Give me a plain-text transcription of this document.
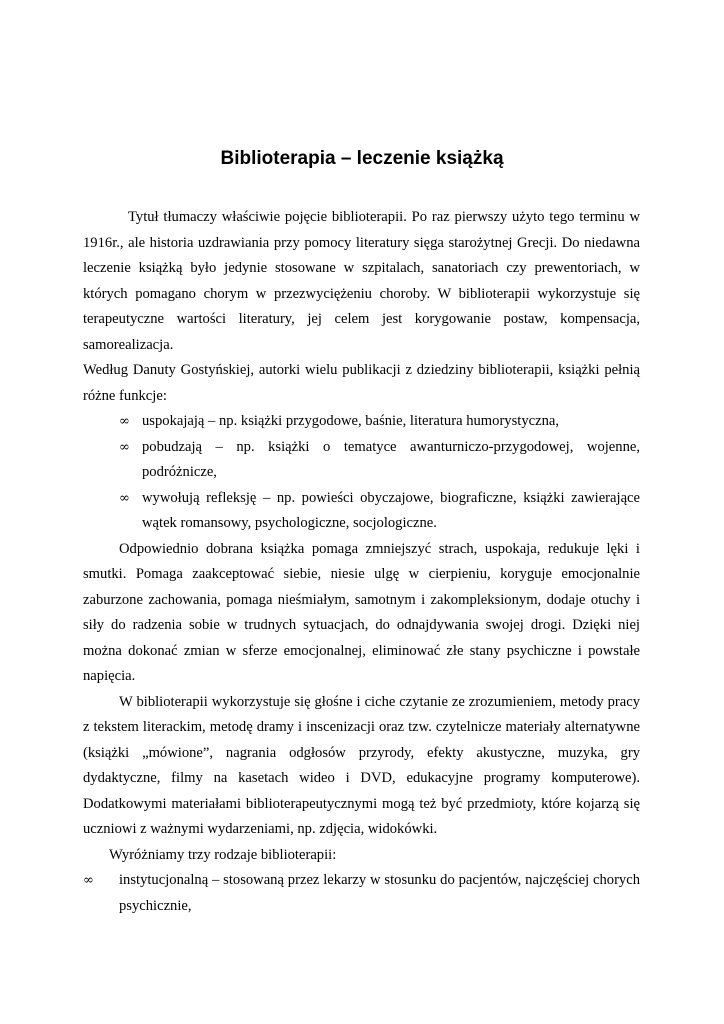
Biblioterapia – leczenie książką

Tytuł tłumaczy właściwie pojęcie biblioterapii. Po raz pierwszy użyto tego terminu w 1916r., ale historia uzdrawiania przy pomocy literatury sięga starożytnej Grecji. Do niedawna leczenie książką było jedynie stosowane w szpitalach, sanatoriach czy prewentoriach, w których pomagano chorym w przezwyciężeniu choroby. W biblioterapii wykorzystuje się terapeutyczne wartości literatury, jej celem jest korygowanie postaw, kompensacja, samorealizacja.

Według Danuty Gostyńskiej, autorki wielu publikacji z dziedziny biblioterapii, książki pełnią różne funkcje:

∞ uspokajają – np. książki przygodowe, baśnie, literatura humorystyczna,
∞ pobudzają – np. książki o tematyce awanturniczo-przygodowej, wojenne, podróżnicze,
∞ wywołują refleksję – np. powieści obyczajowe, biograficzne, książki zawierające wątek romansowy, psychologiczne, socjologiczne.

Odpowiednio dobrana książka pomaga zmniejszyć strach, uspokaja, redukuje lęki i smutki. Pomaga zaakceptować siebie, niesie ulgę w cierpieniu, koryguje emocjonalnie zaburzone zachowania, pomaga nieśmiałym, samotnym i zakompleksionym, dodaje otuchy i siły do radzenia sobie w trudnych sytuacjach, do odnajdywania swojej drogi. Dzięki niej można dokonać zmian w sferze emocjonalnej, eliminować złe stany psychiczne i powstałe napięcia.

W biblioterapii wykorzystuje się głośne i ciche czytanie ze zrozumieniem, metody pracy z tekstem literackim, metodę dramy i inscenizacji oraz tzw. czytelnicze materiały alternatywne (książki „mówione”, nagrania odgłosów przyrody, efekty akustyczne, muzyka, gry dydaktyczne, filmy na kasetach wideo i DVD, edukacyjne programy komputerowe). Dodatkowymi materiałami biblioterapeutycznymi mogą też być przedmioty, które kojarzą się uczniowi z ważnymi wydarzeniami, np. zdjęcia, widokówki.

Wyróżniamy trzy rodzaje biblioterapii:

∞ instytucjonalną – stosowaną przez lekarzy w stosunku do pacjentów, najczęściej chorych psychicznie,
